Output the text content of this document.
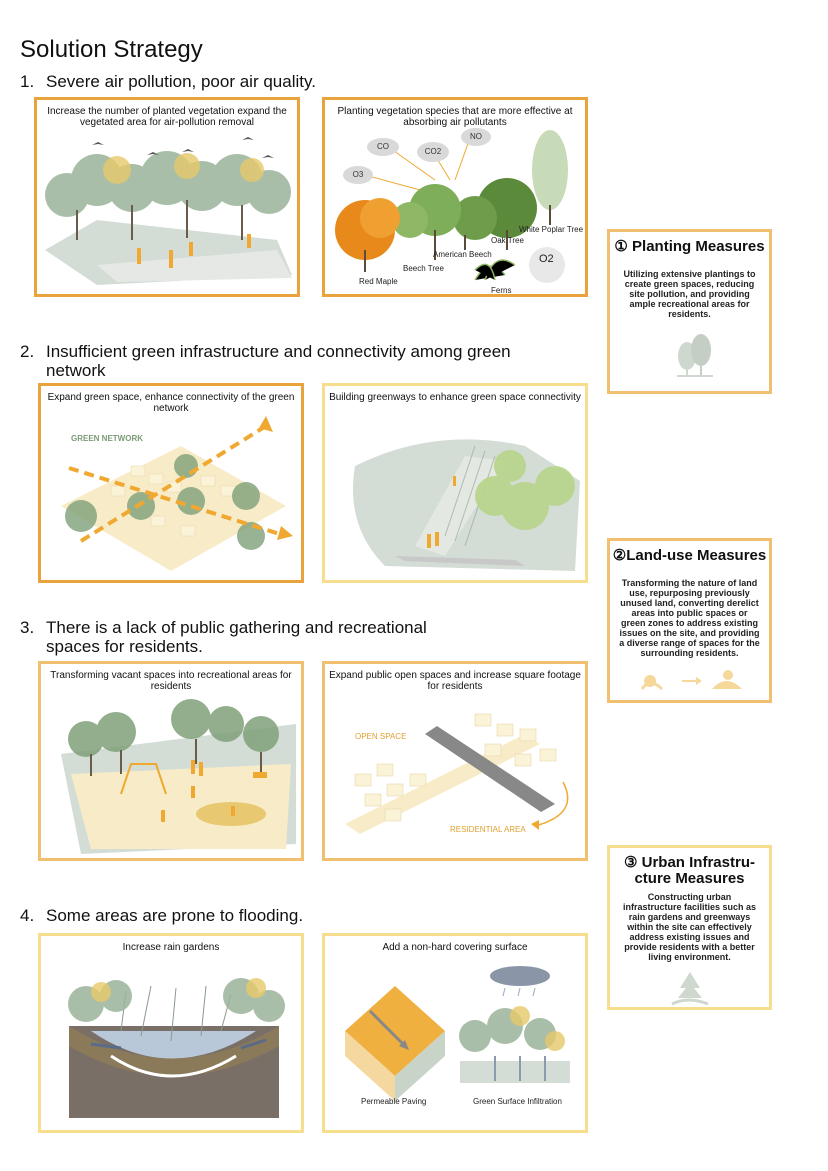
Solution Strategy
1. Severe air pollution, poor air quality.
Increase the number of planted vegetation expand the vegetated area for air-pollution removal
Planting vegetation species that are more effective at absorbing air pollutants
CO
CO2
NO
O3
O2
Red Maple
Beech Tree
American Beech
Oak Tree
White Poplar Tree
Ferns
2. Insufficient green infrastructure and connectivity among green
network
Expand green space, enhance connectivity of the green network
GREEN NETWORK
Building greenways to enhance green space connectivity
3. There is a lack of public gathering and recreational
spaces for residents.
Transforming vacant spaces into recreational areas for residents
Expand public open spaces and increase square footage for residents
OPEN SPACE
RESIDENTIAL AREA
4. Some areas are prone to flooding.
Increase rain gardens	Add a non-hard covering surface
Permeable Paving	Green Surface Infiltration
① Planting Measures
Utilizing extensive plantings to create green spaces, reducing site pollution, and providing ample recreational areas for residents.
②Land-use Measures
Transforming the nature of land use, repurposing previously unused land, converting derelict areas into public spaces or green zones to address existing issues on the site, and providing a diverse range of spaces for the surrounding residents.
③ Urban Infrastru-
cture Measures
Constructing urban infrastructure facilities such as rain gardens and greenways within the site can effectively address existing issues and provide residents with a better living environment.
